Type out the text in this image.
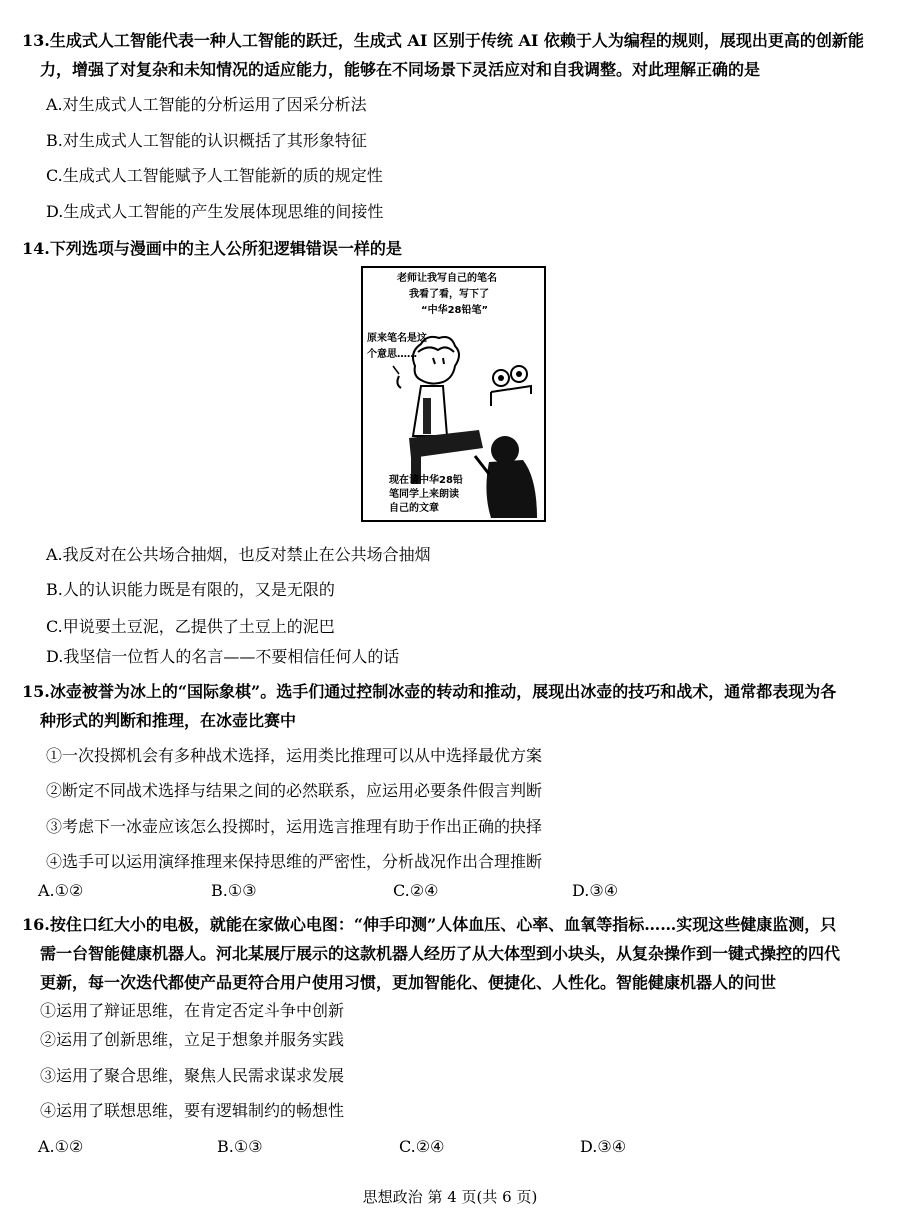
13.生成式人工智能代表一种人工智能的跃迁，生成式 AI 区别于传统 AI 依赖于人为编程的规则，展现出更高的创新能
力，增强了对复杂和未知情况的适应能力，能够在不同场景下灵活应对和自我调整。对此理解正确的是
A.对生成式人工智能的分析运用了因采分析法
B.对生成式人工智能的认识概括了其形象特征
C.生成式人工智能赋予人工智能新的质的规定性
D.生成式人工智能的产生发展体现思维的间接性
14.下列选项与漫画中的主人公所犯逻辑错误一样的是
老师让我写自己的笔名
我看了看，写下了
“中华28铅笔”
原来笔名是这
个意思……
现在请中华28铅
笔同学上来朗读
自己的文章
A.我反对在公共场合抽烟，也反对禁止在公共场合抽烟
B.人的认识能力既是有限的，又是无限的
C.甲说要土豆泥，乙提供了土豆上的泥巴
D.我坚信一位哲人的名言——不要相信任何人的话
15.冰壶被誉为冰上的“国际象棋”。选手们通过控制冰壶的转动和推动，展现出冰壶的技巧和战术，通常都表现为各
种形式的判断和推理，在冰壶比赛中
①一次投掷机会有多种战术选择，运用类比推理可以从中选择最优方案
②断定不同战术选择与结果之间的必然联系，应运用必要条件假言判断
③考虑下一冰壶应该怎么投掷时，运用选言推理有助于作出正确的抉择
④选手可以运用演绎推理来保持思维的严密性，分析战况作出合理推断
A.①②	B.①③	C.②④	D.③④
16.按住口红大小的电极，就能在家做心电图：“伸手印测”人体血压、心率、血氧等指标……实现这些健康监测，只
需一台智能健康机器人。河北某展厅展示的这款机器人经历了从大体型到小块头，从复杂操作到一键式操控的四代
更新，每一次迭代都使产品更符合用户使用习惯，更加智能化、便捷化、人性化。智能健康机器人的问世
①运用了辩证思维，在肯定否定斗争中创新
②运用了创新思维，立足于想象并服务实践
③运用了聚合思维，聚焦人民需求谋求发展
④运用了联想思维，要有逻辑制约的畅想性
A.①②	B.①③	C.②④	D.③④
思想政治 第 4 页(共 6 页)
